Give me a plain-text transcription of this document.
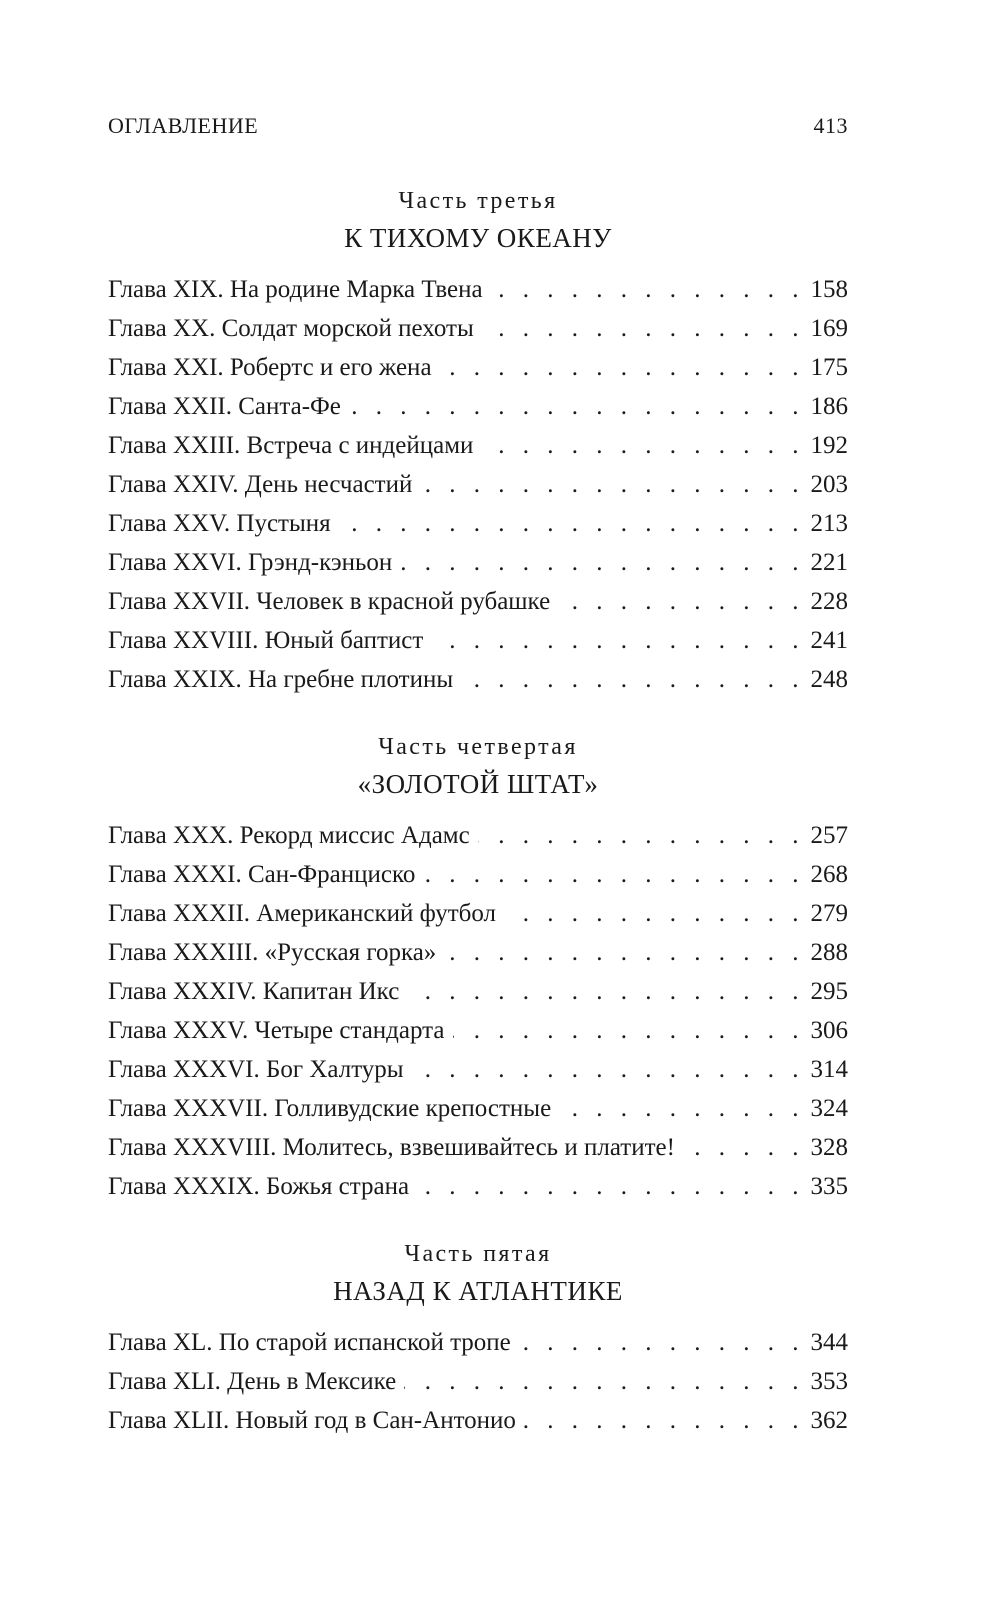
ОГЛАВЛЕНИЕ	413

Часть третья

К ТИХОМУ ОКЕАНУ
Глава XIX. На родине Марка Твена . . .	158
Глава XX. Солдат морской пехоты . . .	169
Глава XXI. Робертс и его жена . . .	175
Глава XXII. Санта-Фе . . .	186
Глава XXIII. Встреча с индейцами . . .	192
Глава XXIV. День несчастий . . .	203
Глава XXV. Пустыня . . .	213
Глава XXVI. Грэнд-кэньон . . .	221
Глава XXVII. Человек в красной рубашке . . .	228
Глава XXVIII. Юный баптист . . .	241
Глава XXIX. На гребне плотины . . .	248

Часть четвертая

«ЗОЛОТОЙ ШТАТ»
Глава XXX. Рекорд миссис Адамс . . .	257
Глава XXXI. Сан-Франциско . . .	268
Глава XXXII. Американский футбол . . .	279
Глава XXXIII. «Русская горка» . . .	288
Глава XXXIV. Капитан Икс . . .	295
Глава XXXV. Четыре стандарта . . .	306
Глава XXXVI. Бог Халтуры . . .	314
Глава XXXVII. Голливудские крепостные . . .	324
Глава XXXVIII. Молитесь, взвешивайтесь и платите! . . .	328
Глава XXXIX. Божья страна . . .	335

Часть пятая

НАЗАД К АТЛАНТИКЕ
Глава XL. По старой испанской тропе . . .	344
Глава XLI. День в Мексике . . .	353
Глава XLII. Новый год в Сан-Антонио . . .	362
